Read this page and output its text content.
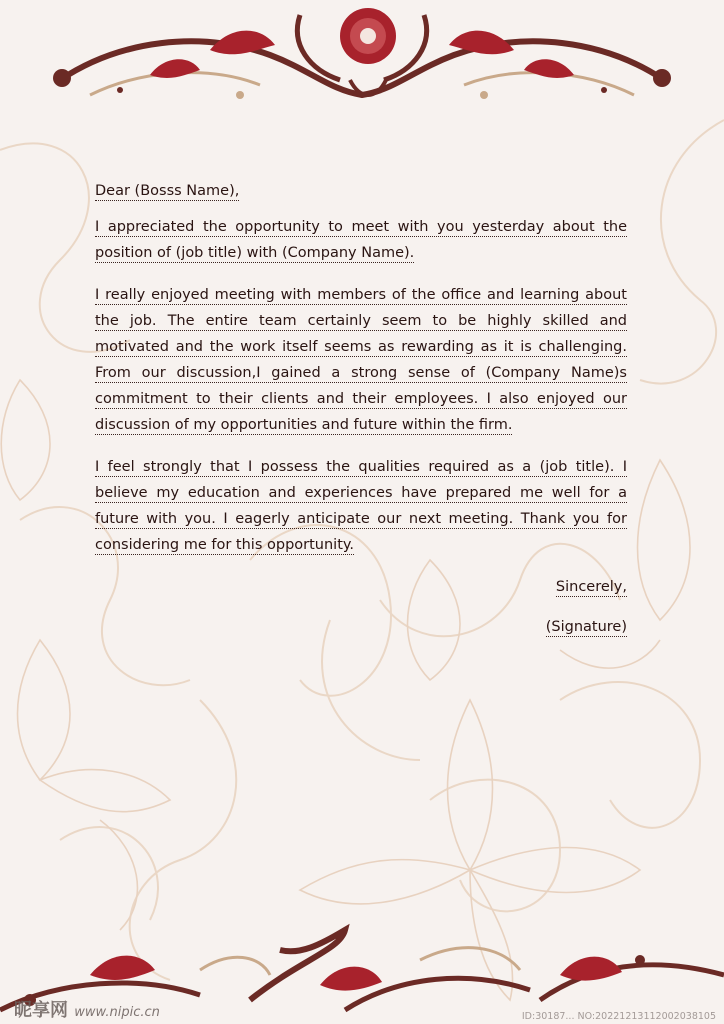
Dear (Bosss Name),

I appreciated the opportunity to meet with you yesterday about the position of (job title) with (Company Name).

I really enjoyed meeting with members of the office and learning about the job. The entire team certainly seem to be highly skilled and motivated and the work itself seems as rewarding as it is challenging. From our discussion,I gained a strong sense of (Company Name)s commitment to their clients and their employees. I also enjoyed our discussion of my opportunities and future within the firm.

I feel strongly that I possess the qualities required as a (job title). I believe my education and experiences have prepared me well for a future with you. I eagerly anticipate our next meeting. Thank you for considering me for this opportunity.

Sincerely,

(Signature)

昵享网 www.nipic.cn	ID:30187... NO:20221213112002038105
